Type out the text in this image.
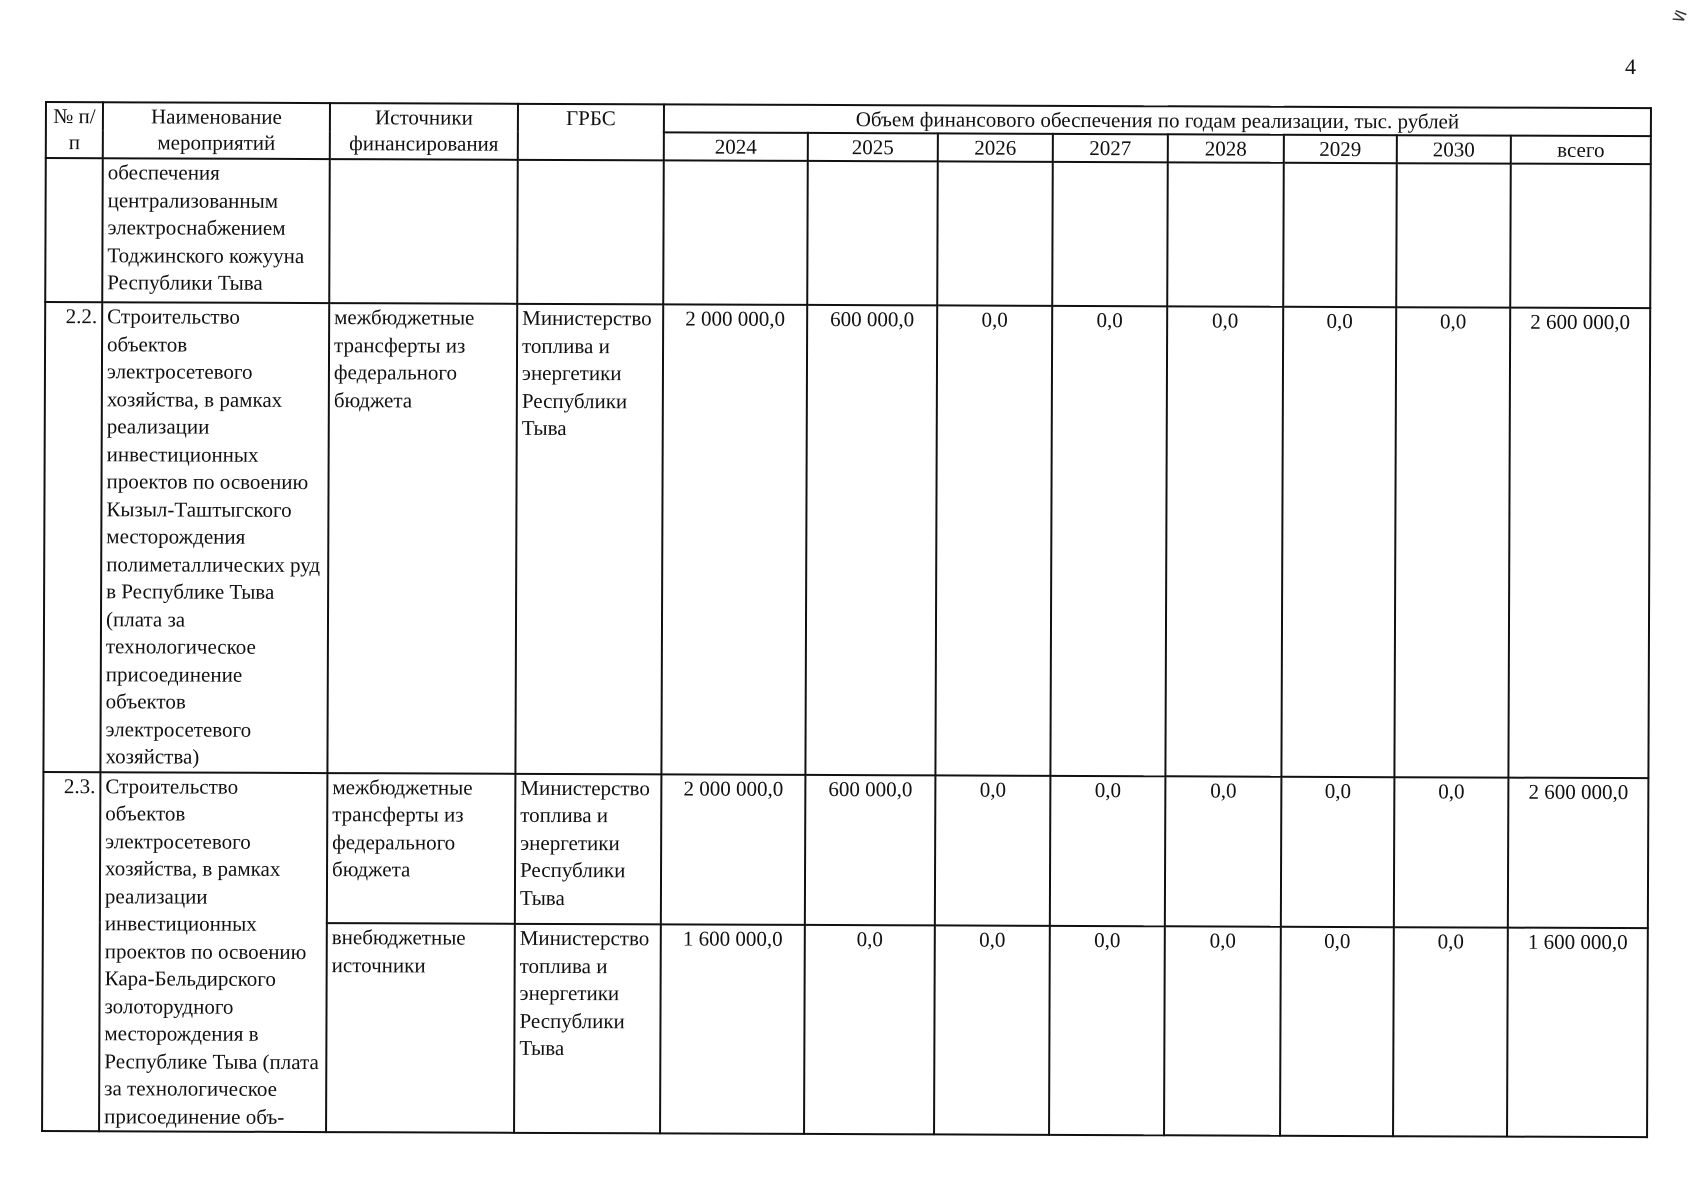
4
⋝
№ п/п	Наименование мероприятий	Источники финансирования	ГРБС	Объем финансового обеспечения по годам реализации, тыс. рублей							
				2024	2025	2026	2027	2028	2029	2030	всего
	обеспечения централизованным электроснабжением Тоджинского кожууна Республики Тыва										
2.2.	Строительство объектов электросетевого хозяйства, в рамках реализации инвестиционных проектов по освоению Кызыл-Таштыгского месторождения полиметаллических руд в Республике Тыва (плата за технологическое присоединение объектов электросетевого хозяйства)	межбюджетные трансферты из федерального бюджета	Министерство топлива и энергетики Республики Тыва	2 000 000,0	600 000,0	0,0	0,0	0,0	0,0	0,0	2 600 000,0
2.3.	Строительство объектов электросетевого хозяйства, в рамках реализации инвестиционных проектов по освоению Кара-Бельдирского золоторудного месторождения в Республике Тыва (плата за технологическое присоединение объ-	межбюджетные трансферты из федерального бюджета	Министерство топлива и энергетики Республики Тыва	2 000 000,0	600 000,0	0,0	0,0	0,0	0,0	0,0	2 600 000,0
		внебюджетные источники	Министерство топлива и энергетики Республики Тыва	1 600 000,0	0,0	0,0	0,0	0,0	0,0	0,0	1 600 000,0
